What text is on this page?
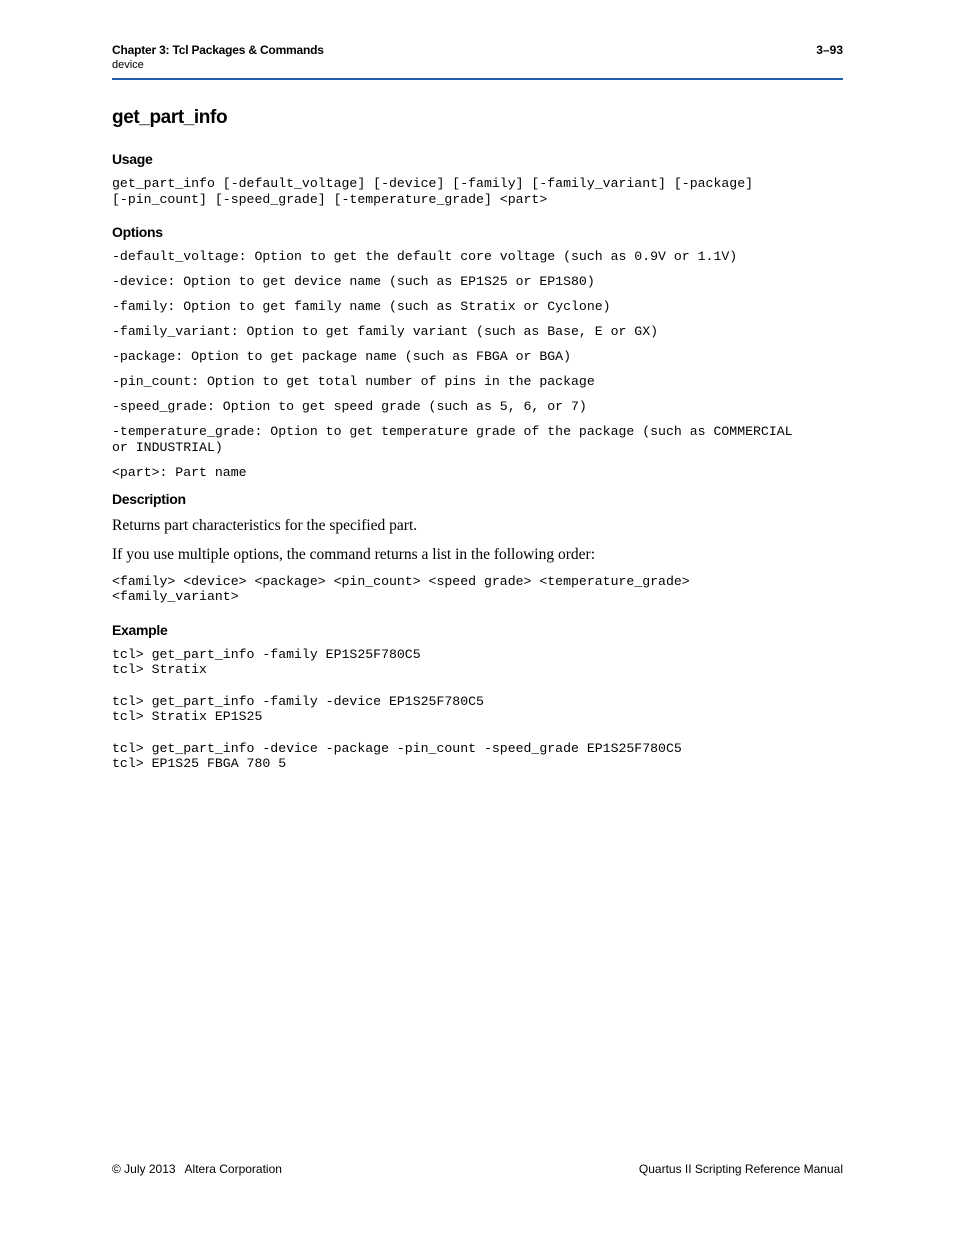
Chapter 3: Tcl Packages & Commands
device
3–93
get_part_info
Usage
get_part_info [-default_voltage] [-device] [-family] [-family_variant] [-package]
[-pin_count] [-speed_grade] [-temperature_grade] <part>
Options
-default_voltage: Option to get the default core voltage (such as 0.9V or 1.1V)
-device: Option to get device name (such as EP1S25 or EP1S80)
-family: Option to get family name (such as Stratix or Cyclone)
-family_variant: Option to get family variant (such as Base, E or GX)
-package: Option to get package name (such as FBGA or BGA)
-pin_count: Option to get total number of pins in the package
-speed_grade: Option to get speed grade (such as 5, 6, or 7)
-temperature_grade: Option to get temperature grade of the package (such as COMMERCIAL
or INDUSTRIAL)
<part>: Part name
Description

Returns part characteristics for the specified part.

If you use multiple options, the command returns a list in the following order:

<family> <device> <package> <pin_count> <speed grade> <temperature_grade>
<family_variant>
Example
tcl> get_part_info -family EP1S25F780C5
tcl> Stratix
tcl> get_part_info -family -device EP1S25F780C5
tcl> Stratix EP1S25
tcl> get_part_info -device -package -pin_count -speed_grade EP1S25F780C5
tcl> EP1S25 FBGA 780 5
© July 2013 Altera Corporation	Quartus II Scripting Reference Manual
